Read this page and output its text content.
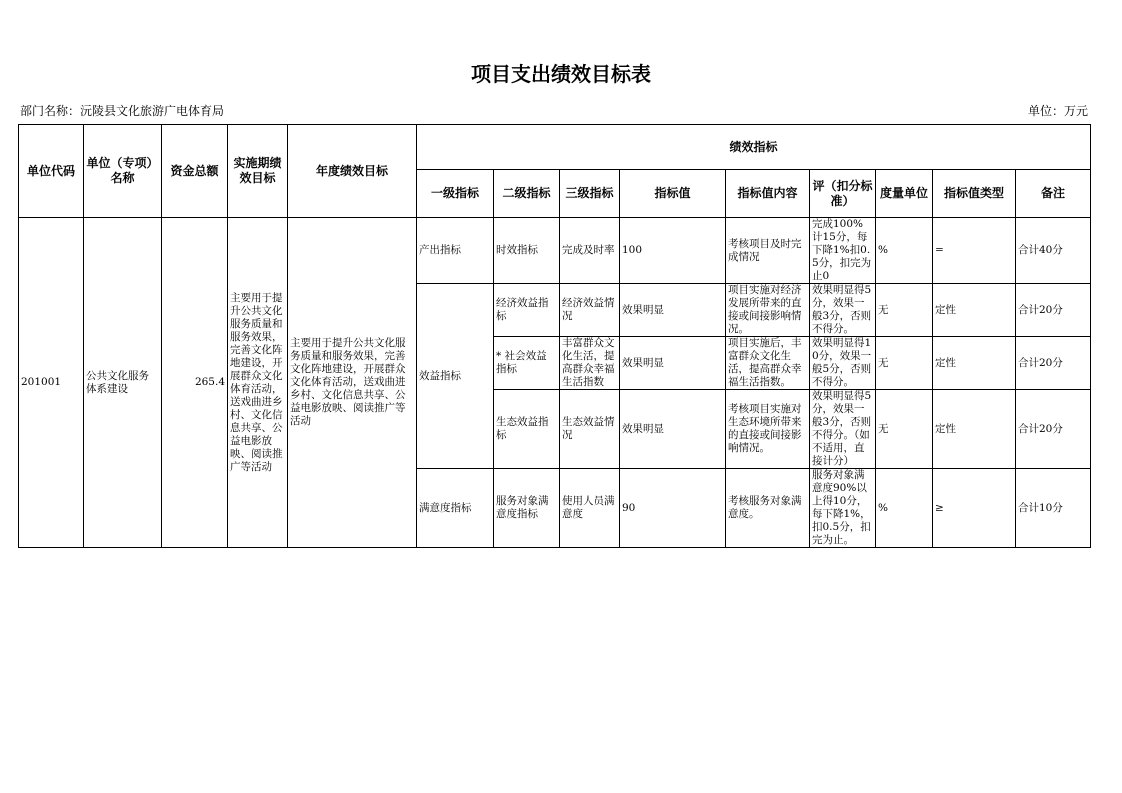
项目支出绩效目标表
部门名称：沅陵县文化旅游广电体育局	单位：万元
单位代码	单位（专项）名称	资金总额	实施期绩效目标	年度绩效目标	绩效指标								
					一级指标	二级指标	三级指标	指标值	指标值内容	评（扣分标准）	度量单位	指标值类型	备注
201001	公共文化服务体系建设	265.4	主要用于提升公共文化服务质量和服务效果，完善文化阵地建设，开展群众文化体育活动，送戏曲进乡村、文化信息共享、公益电影放映、阅读推广等活动	主要用于提升公共文化服务质量和服务效果，完善文化阵地建设，开展群众文化体育活动，送戏曲进乡村、文化信息共享、公益电影放映、阅读推广等活动	产出指标	时效指标	完成及时率	100	考核项目及时完成情况	完成100%计15分，每下降1%扣0.5分，扣完为止0	%	=	合计40分
					效益指标	经济效益指标	经济效益情况	效果明显	项目实施对经济发展所带来的直接或间接影响情况。	效果明显得5分，效果一般3分，否则不得分。	无	定性	合计20分
						* 社会效益指标	丰富群众文化生活，提高群众幸福生活指数	效果明显	项目实施后，丰富群众文化生活，提高群众幸福生活指数。	效果明显得10分，效果一般5分，否则不得分。	无	定性	合计20分
						生态效益指标	生态效益情况	效果明显	考核项目实施对生态环境所带来的直接或间接影响情况。	效果明显得5分，效果一般3分，否则不得分。（如不适用，直接计分）	无	定性	合计20分
					满意度指标	服务对象满意度指标	使用人员满意度	90	考核服务对象满意度。	服务对象满意度90%以上得10分，每下降1%，扣0.5分，扣完为止。	%	≥	合计10分
